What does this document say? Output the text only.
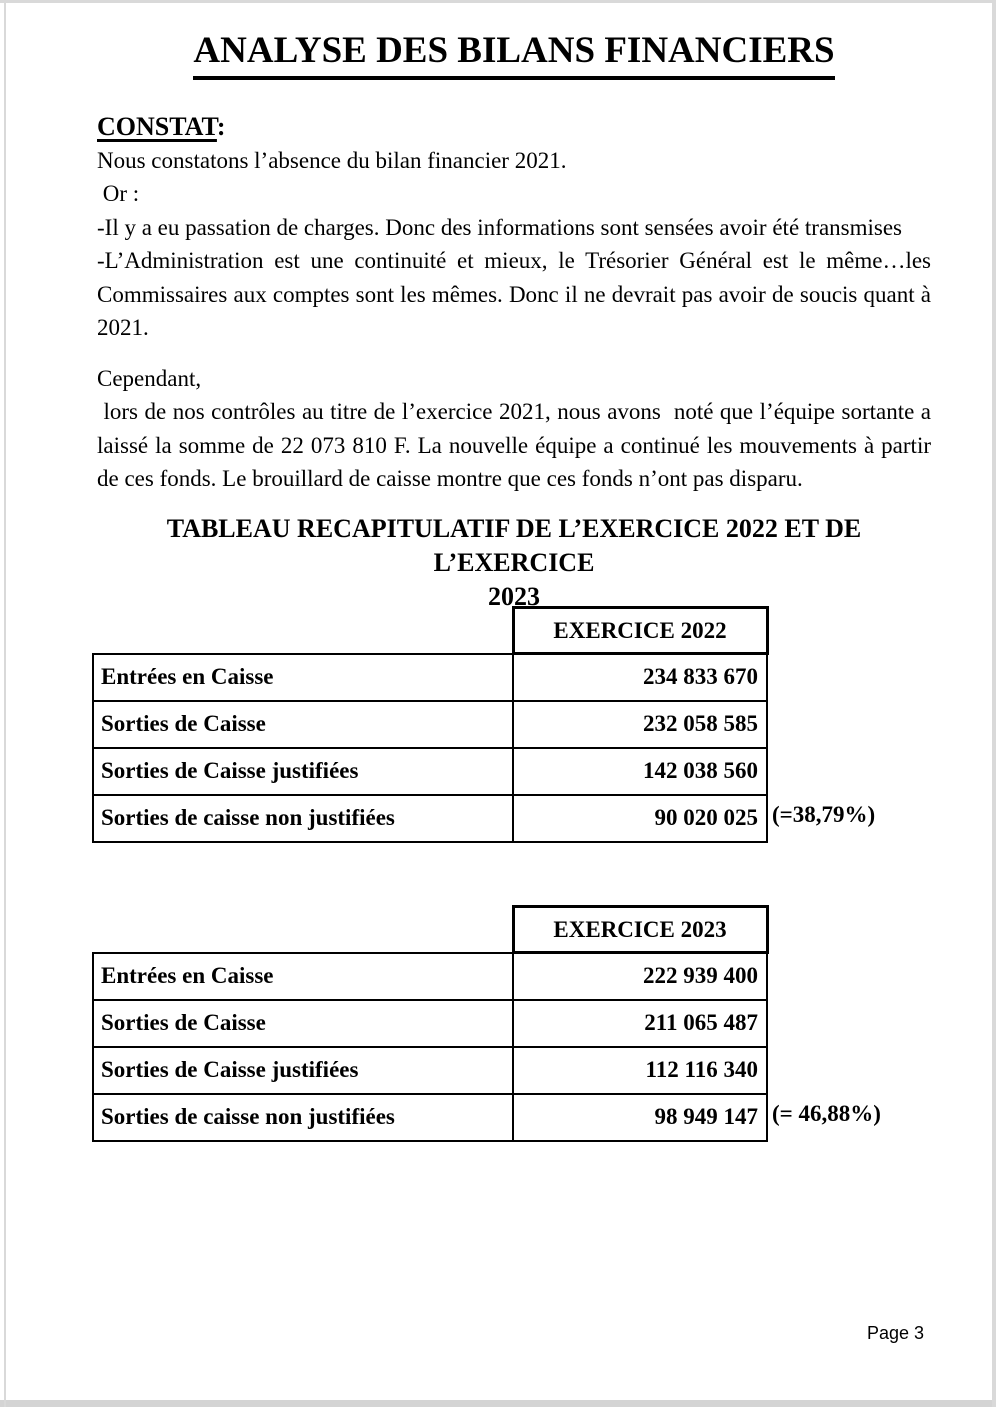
ANALYSE DES BILANS FINANCIERS
CONSTAT:

Nous constatons l’absence du bilan financier 2021.

Or :

-Il y a eu passation de charges. Donc des informations sont sensées avoir été transmises

-L’Administration est une continuité et mieux, le Trésorier Général est le même…les Commissaires aux comptes sont les mêmes. Donc il ne devrait pas avoir de soucis quant à 2021.

Cependant,

lors de nos contrôles au titre de l’exercice 2021, nous avons  noté que l’équipe sortante a laissé la somme de 22 073 810 F. La nouvelle équipe a continué les mouvements à partir de ces fonds. Le brouillard de caisse montre que ces fonds n’ont pas disparu.

TABLEAU RECAPITULATIF DE L’EXERCICE 2022 ET DE L’EXERCICE
2023
	EXERCICE 2022
Entrées en Caisse	234 833 670
Sorties de Caisse	232 058 585
Sorties de Caisse justifiées	142 038 560
Sorties de caisse non justifiées	90 020 025 (=38,79%)
	EXERCICE 2023
Entrées en Caisse	222 939 400
Sorties de Caisse	211 065 487
Sorties de Caisse justifiées	112 116 340
Sorties de caisse non justifiées	98 949 147 (= 46,88%)
Page 3
